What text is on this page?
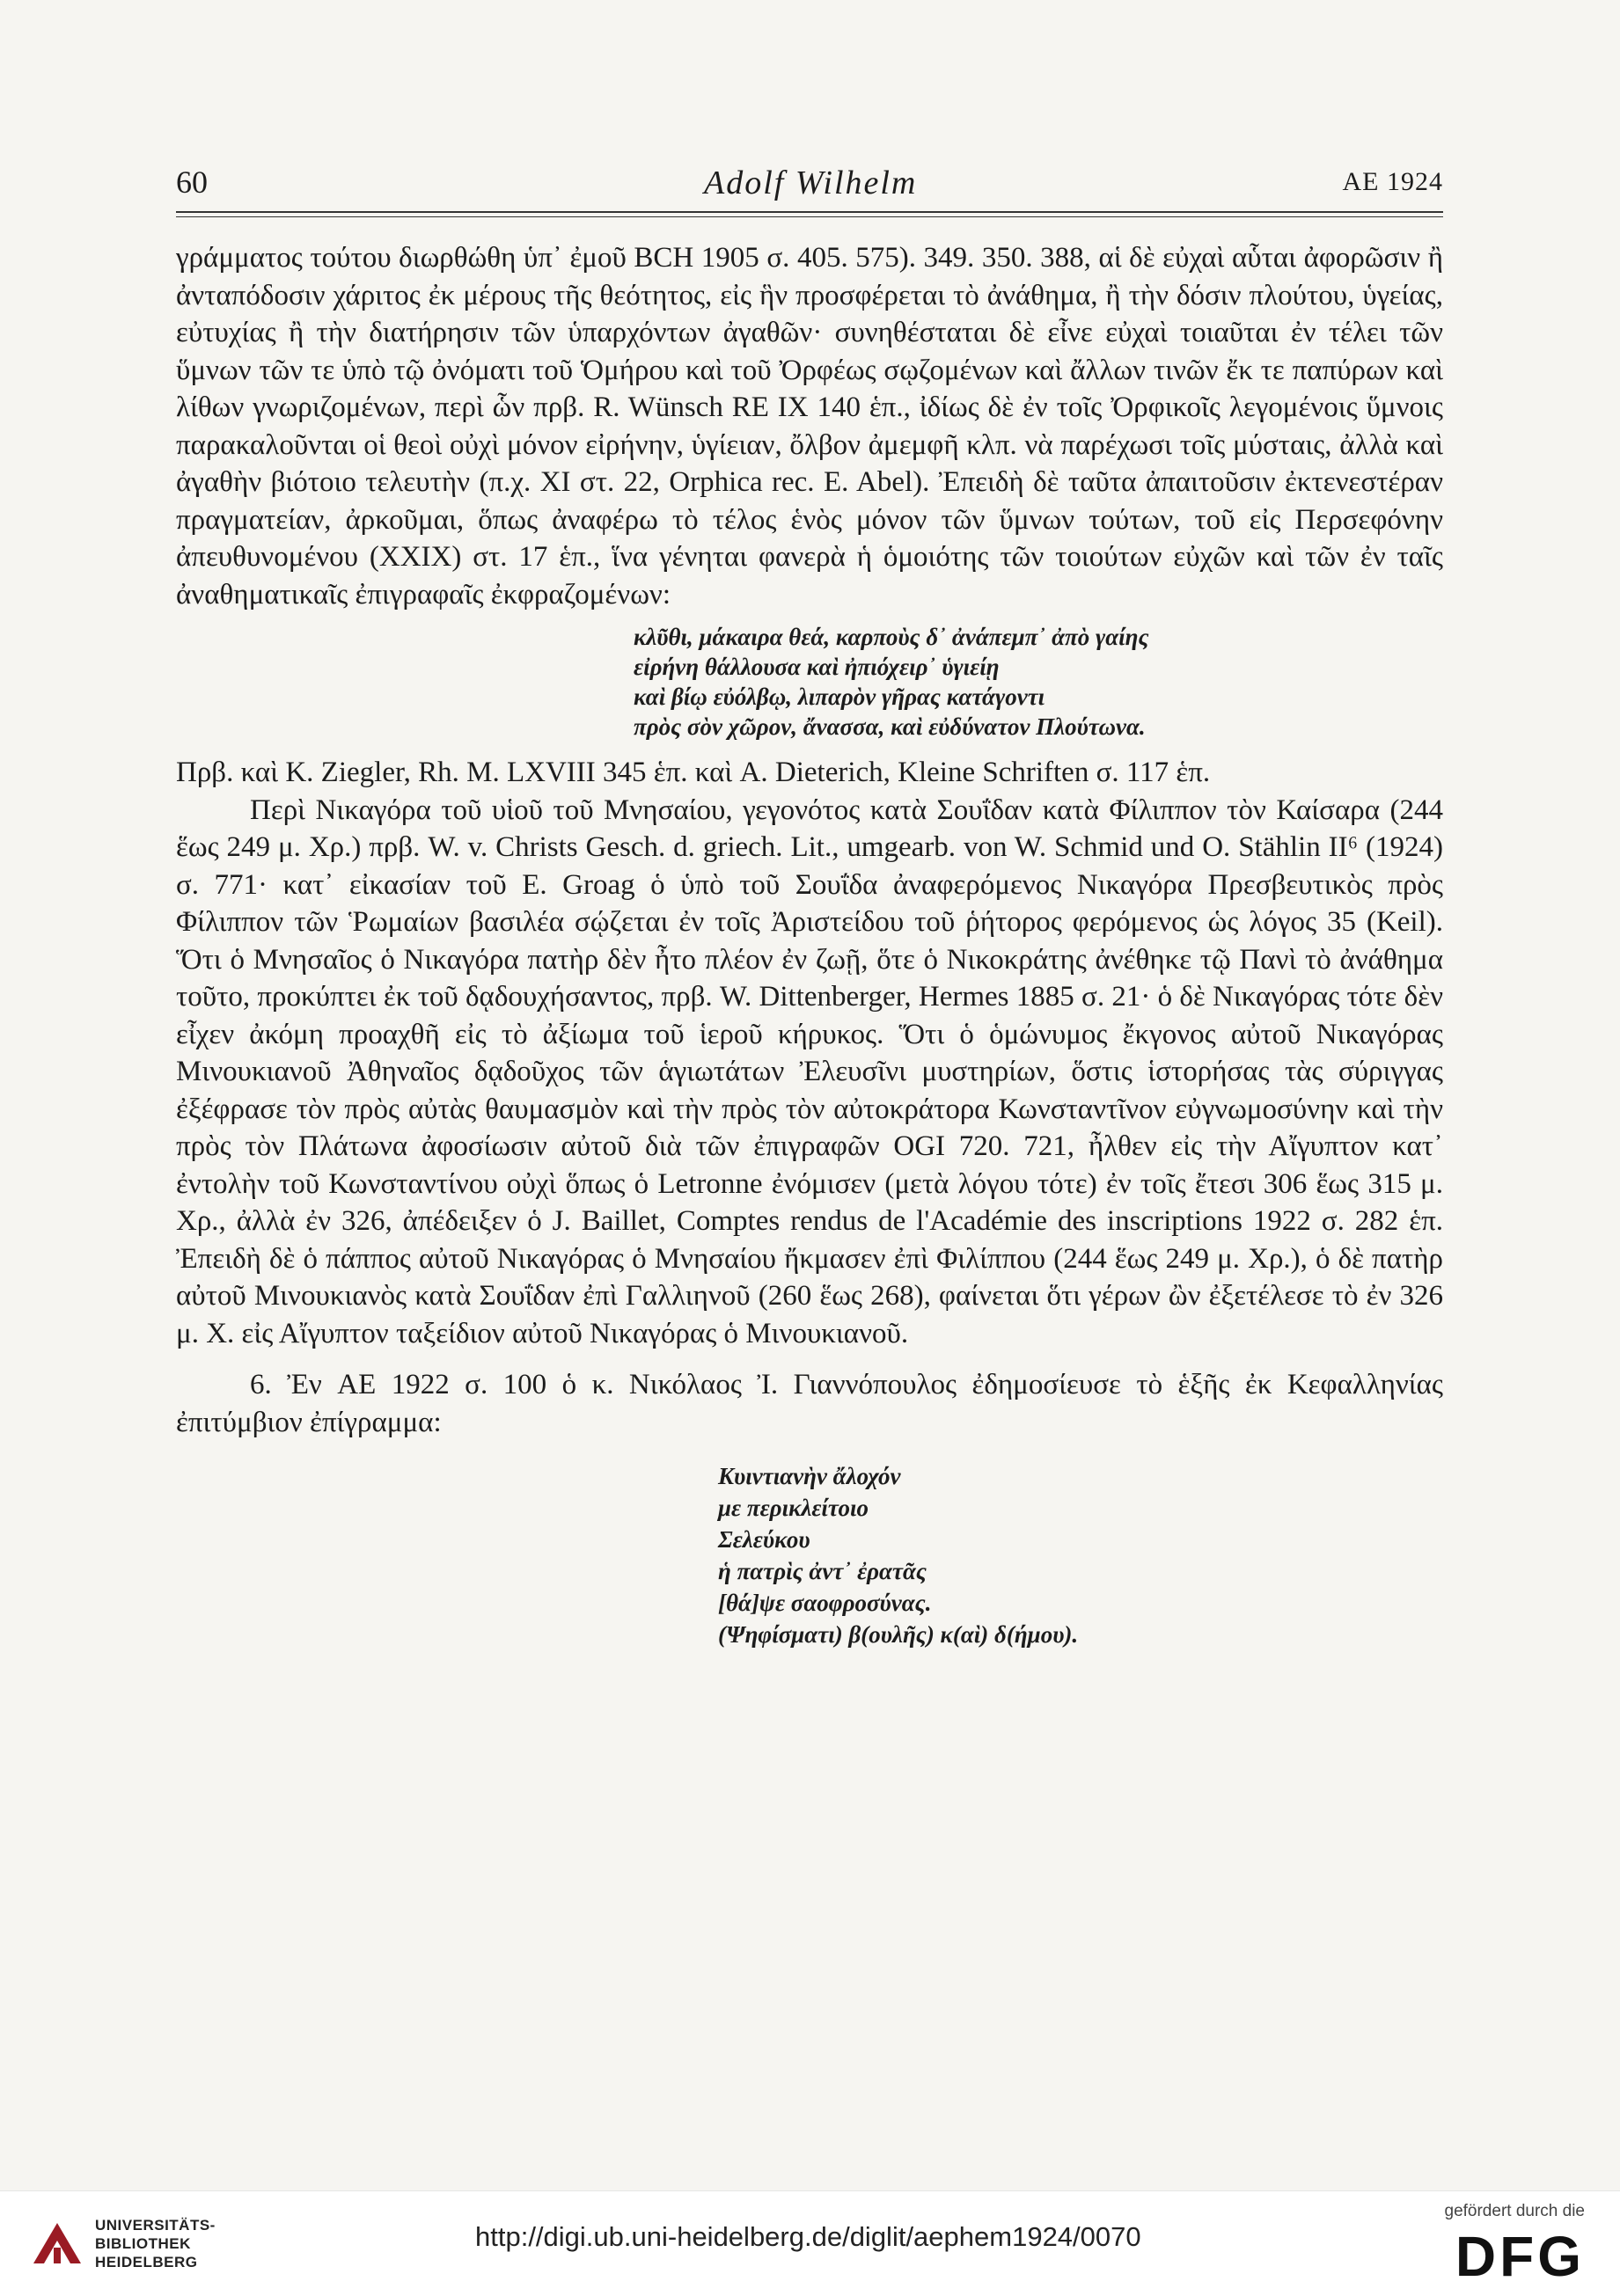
60	Adolf Wilhelm	AE 1924

γράμματος τούτου διωρθώθη ὑπ᾽ ἐμοῦ BCH 1905 σ. 405. 575). 349. 350. 388, αἱ δὲ εὐχαὶ αὗται ἀφορῶσιν ἢ ἀνταπόδοσιν χάριτος ἐκ μέρους τῆς θεότητος, εἰς ἣν προσφέρεται τὸ ἀνάθημα, ἢ τὴν δόσιν πλούτου, ὑγείας, εὐτυχίας ἢ τὴν διατήρησιν τῶν ὑπαρχόντων ἀγαθῶν· συνηθέσταται δὲ εἶνε εὐχαὶ τοιαῦται ἐν τέλει τῶν ὕμνων τῶν τε ὑπὸ τῷ ὀνόματι τοῦ Ὁμήρου καὶ τοῦ Ὀρφέως σῳζομένων καὶ ἄλλων τινῶν ἔκ τε παπύρων καὶ λίθων γνωριζομένων, περὶ ὧν πρβ. R. Wünsch RE IX 140 ἑπ., ἰδίως δὲ ἐν τοῖς Ὀρφικοῖς λεγομένοις ὕμνοις παρακαλοῦνται οἱ θεοὶ οὐχὶ μόνον εἰρήνην, ὑγίειαν, ὄλβον ἀμεμφῆ κλπ. νὰ παρέχωσι τοῖς μύσταις, ἀλλὰ καὶ ἀγαθὴν βιότοιο τελευτὴν (π.χ. XI στ. 22, Orphica rec. E. Abel). Ἐπειδὴ δὲ ταῦτα ἀπαιτοῦσιν ἐκτενεστέραν πραγματείαν, ἀρκοῦμαι, ὅπως ἀναφέρω τὸ τέλος ἑνὸς μόνον τῶν ὕμνων τούτων, τοῦ εἰς Περσεφόνην ἀπευθυνομένου (XXIX) στ. 17 ἑπ., ἵνα γένηται φανερὰ ἡ ὁμοιότης τῶν τοιούτων εὐχῶν καὶ τῶν ἐν ταῖς ἀναθηματικαῖς ἐπιγραφαῖς ἐκφραζομένων:

κλῦθι, μάκαιρα θεά, καρποὺς δ᾽ ἀνάπεμπ᾽ ἀπὸ γαίης
εἰρήνη θάλλουσα καὶ ἠπιόχειρ᾽ ὑγιείῃ
καὶ βίῳ εὐόλβῳ, λιπαρὸν γῆρας κατάγοντι
πρὸς σὸν χῶρον, ἄνασσα, καὶ εὐδύνατον Πλούτωνα.

Πρβ. καὶ K. Ziegler, Rh. M. LXVIII 345 ἑπ. καὶ A. Dieterich, Kleine Schriften σ. 117 ἑπ.

Περὶ Νικαγόρα τοῦ υἱοῦ τοῦ Μνησαίου, γεγονότος κατὰ Σουΐδαν κατὰ Φίλιππον τὸν Καίσαρα (244 ἕως 249 μ. Χρ.) πρβ. W. v. Christs Gesch. d. griech. Lit., umgearb. von W. Schmid und O. Stählin II⁶ (1924) σ. 771· κατ᾽ εἰκασίαν τοῦ E. Groag ὁ ὑπὸ τοῦ Σουΐδα ἀναφερόμενος Νικαγόρα Πρεσβευτικὸς πρὸς Φίλιππον τῶν Ῥωμαίων βασιλέα σῴζεται ἐν τοῖς Ἀριστείδου τοῦ ῥήτορος φερόμενος ὡς λόγος 35 (Keil). Ὅτι ὁ Μνησαῖος ὁ Νικαγόρα πατὴρ δὲν ἦτο πλέον ἐν ζωῇ, ὅτε ὁ Νικοκράτης ἀνέθηκε τῷ Πανὶ τὸ ἀνάθημα τοῦτο, προκύπτει ἐκ τοῦ δᾳδουχήσαντος, πρβ. W. Dittenberger, Hermes 1885 σ. 21· ὁ δὲ Νικαγόρας τότε δὲν εἶχεν ἀκόμη προαχθῆ εἰς τὸ ἀξίωμα τοῦ ἱεροῦ κήρυκος. Ὅτι ὁ ὁμώνυμος ἔκγονος αὐτοῦ Νικαγόρας Μινουκιανοῦ Ἀθηναῖος δᾳδοῦχος τῶν ἁγιωτάτων Ἐλευσῖνι μυστηρίων, ὅστις ἱστορήσας τὰς σύριγγας ἐξέφρασε τὸν πρὸς αὐτὰς θαυμασμὸν καὶ τὴν πρὸς τὸν αὐτοκράτορα Κωνσταντῖνον εὐγνωμοσύνην καὶ τὴν πρὸς τὸν Πλάτωνα ἀφοσίωσιν αὐτοῦ διὰ τῶν ἐπιγραφῶν OGI 720. 721, ἦλθεν εἰς τὴν Αἴγυπτον κατ᾽ ἐντολὴν τοῦ Κωνσταντίνου οὐχὶ ὅπως ὁ Letronne ἐνόμισεν (μετὰ λόγου τότε) ἐν τοῖς ἔτεσι 306 ἕως 315 μ. Χρ., ἀλλὰ ἐν 326, ἀπέδειξεν ὁ J. Baillet, Comptes rendus de l'Académie des inscriptions 1922 σ. 282 ἑπ. Ἐπειδὴ δὲ ὁ πάππος αὐτοῦ Νικαγόρας ὁ Μνησαίου ἤκμασεν ἐπὶ Φιλίππου (244 ἕως 249 μ. Χρ.), ὁ δὲ πατὴρ αὐτοῦ Μινουκιανὸς κατὰ Σουΐδαν ἐπὶ Γαλλιηνοῦ (260 ἕως 268), φαίνεται ὅτι γέρων ὢν ἐξετέλεσε τὸ ἐν 326 μ. Χ. εἰς Αἴγυπτον ταξείδιον αὐτοῦ Νικαγόρας ὁ Μινουκιανοῦ.

6. Ἐν AE 1922 σ. 100 ὁ κ. Νικόλαος Ἰ. Γιαννόπουλος ἐδημοσίευσε τὸ ἑξῆς ἐκ Κεφαλληνίας ἐπιτύμβιον ἐπίγραμμα:

Κυιντιανὴν ἄλοχόν
με περικλείτοιο
Σελεύκου
ἡ πατρὶς ἀντ᾽ ἐρατᾶς
[θά]ψε σαοφροσύνας.
(Ψηφίσματι) β(ουλῆς) κ(αὶ) δ(ήμου).
UNIVERSITÄTS-
BIBLIOTHEK
HEIDELBERG
http://digi.ub.uni-heidelberg.de/diglit/aephem1924/0070
gefördert durch die
DFG
